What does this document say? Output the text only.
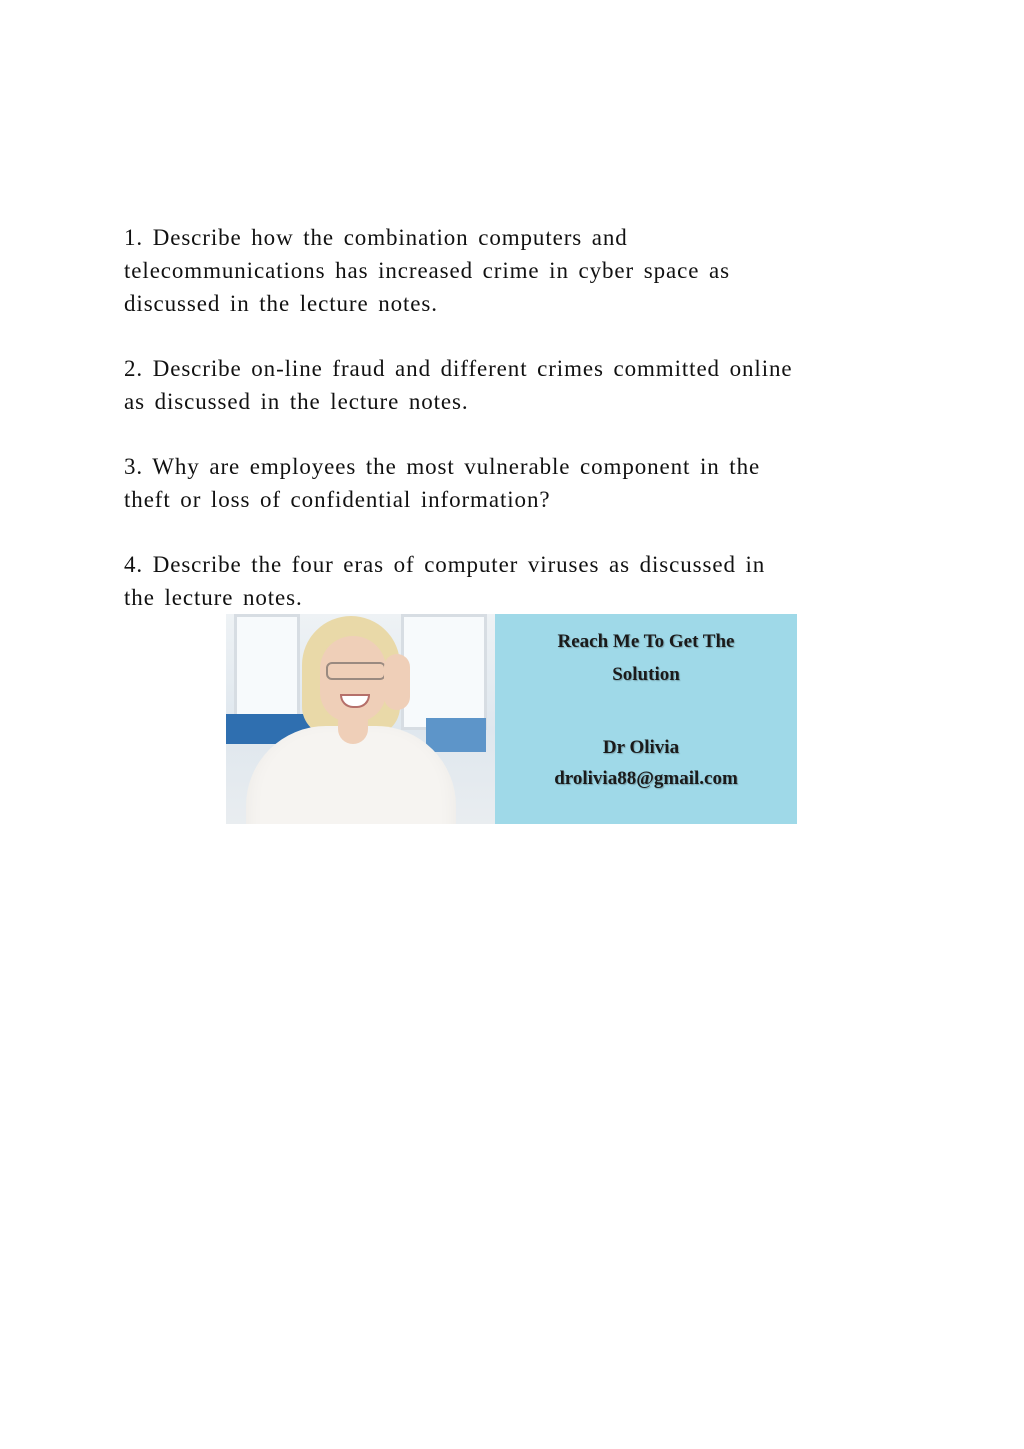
1. Describe how the combination computers and
telecommunications has increased crime in cyber space as
discussed in the lecture notes.

2. Describe on-line fraud and different crimes committed online
as discussed in the lecture notes.

3. Why are employees the most vulnerable component in the
theft or loss of confidential information?

4. Describe the four eras of computer viruses as discussed in
the lecture notes.

Reach Me To Get The
Solution
Dr Olivia
drolivia88@gmail.com
